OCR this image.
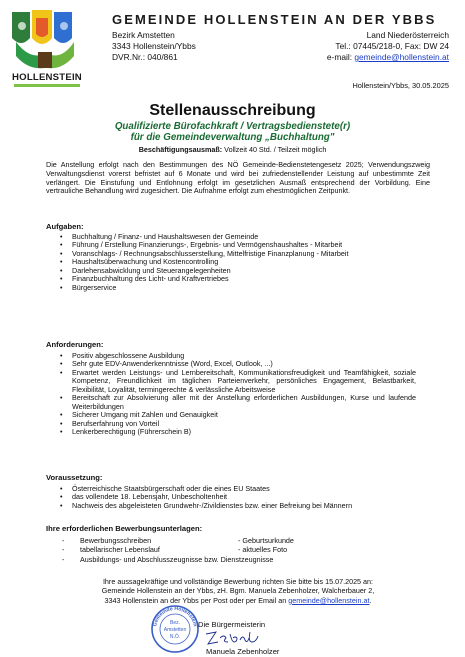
HOLLENSTEIN
GEMEINDE HOLLENSTEIN AN DER YBBS
Bezirk Amstetten
3343 Hollenstein/Ybbs
DVR.Nr.: 040/861
Land Niederösterreich
Tel.: 07445/218-0, Fax: DW 24
e-mail: gemeinde@hollenstein.at
Hollenstein/Ybbs, 30.05.2025
Stellenausschreibung
Qualifizierte Bürofachkraft / Vertragsbedienstete(r)
für die Gemeindeverwaltung „Buchhaltung"
Beschäftigungsausmaß: Vollzeit 40 Std. / Teilzeit möglich
Die Anstellung erfolgt nach den Bestimmungen des NÖ Gemeinde-Bedienstetengesetz 2025; Verwendungszweig Verwaltungsdienst vorerst befristet auf 6 Monate und wird bei zufriedenstellender Leistung auf unbestimmte Zeit verlängert. Die Einstufung und Entlohnung erfolgt im gesetzlichen Ausmaß entsprechend der Vorbildung. Eine vertrauliche Behandlung wird zugesichert. Die Aufnahme erfolgt zum ehestmöglichen Zeitpunkt.
Aufgaben:
• Buchhaltung / Finanz- und Haushaltswesen der Gemeinde
• Führung / Erstellung Finanzierungs-, Ergebnis- und Vermögenshaushaltes - Mitarbeit
• Voranschlags- / Rechnungsabschlusserstellung, Mittelfristige Finanzplanung - Mitarbeit
• Haushaltsüberwachung und Kostencontrolling
• Darlehensabwicklung und Steuerangelegenheiten
• Finanzbuchhaltung des Licht- und Kraftvertriebes
• Bürgerservice
Anforderungen:
• Positiv abgeschlossene Ausbildung
• Sehr gute EDV-Anwenderkenntnisse (Word, Excel, Outlook, ...)
• Erwartet werden Leistungs- und Lernbereitschaft, Kommunikationsfreudigkeit und Teamfähigkeit, soziale Kompetenz, Freundlichkeit im täglichen Parteienverkehr, persönliches Engagement, Belastbarkeit, Flexibilität, Loyalität, termingerechte & verlässliche Arbeitsweise
• Bereitschaft zur Absolvierung aller mit der Anstellung erforderlichen Ausbildungen, Kurse und laufende Weiterbildungen
• Sicherer Umgang mit Zahlen und Genauigkeit
• Berufserfahrung von Vorteil
• Lenkerberechtigung (Führerschein B)
Voraussetzung:
• Österreichische Staatsbürgerschaft oder die eines EU Staates
• das vollendete 18. Lebensjahr, Unbescholtenheit
• Nachweis des abgeleisteten Grundwehr-/Zivildienstes bzw. einer Befreiung bei Männern
Ihre erforderlichen Bewerbungsunterlagen:
- Bewerbungsschreiben	- Geburtsurkunde
- tabellarischer Lebenslauf	- aktuelles Foto
- Ausbildungs- und Abschlusszeugnisse bzw. Dienstzeugnisse
Ihre aussagekräftige und vollständige Bewerbung richten Sie bitte bis 15.07.2025 an:
Gemeinde Hollenstein an der Ybbs, zH. Bgm. Manuela Zebenholzer, Walcherbauer 2,
3343 Hollenstein an der Ybbs per Post oder per Email an gemeinde@hollenstein.at.
Gemeinde Hollenstein
Bez.
Amstetten
N.Ö.
Die Bürgermeisterin
Manuela Zebenholzer
